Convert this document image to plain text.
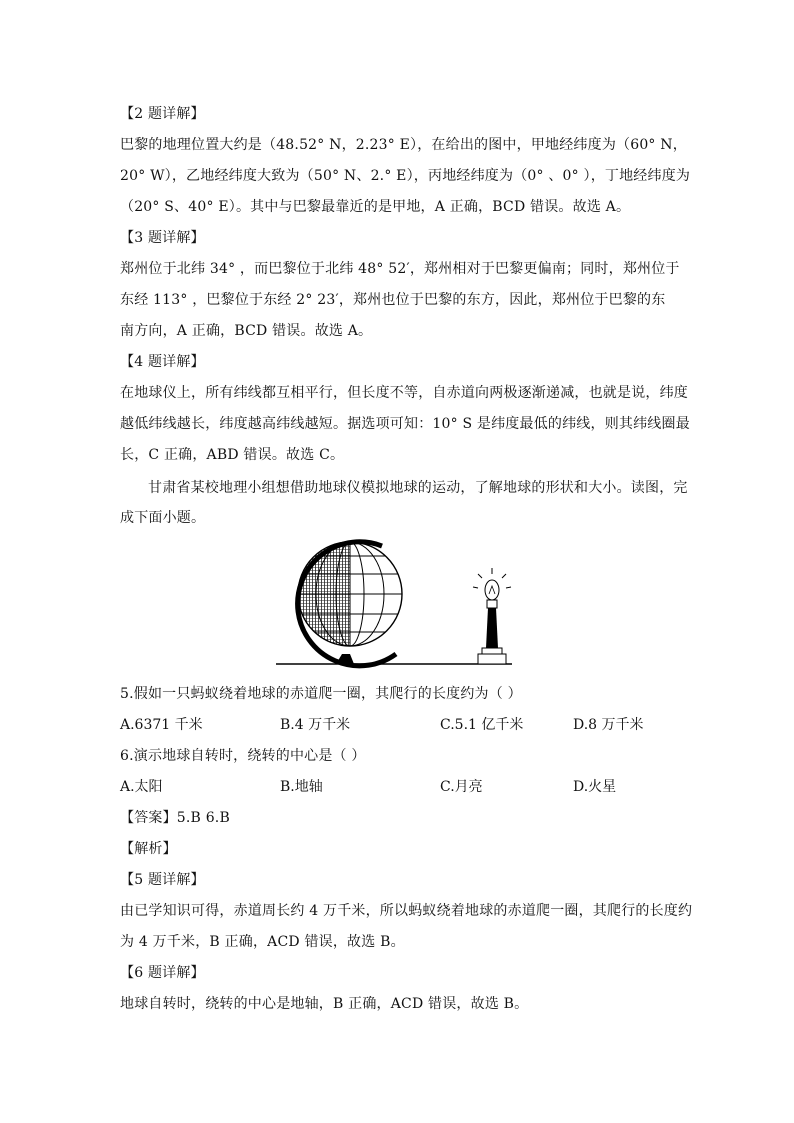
【2 题详解】
巴黎的地理位置大约是（48.52° N，2.23° E），在给出的图中，甲地经纬度为（60° N，
20° W），乙地经纬度大致为（50° N、2.° E），丙地经纬度为（0° 、0° ），丁地经纬度为
（20° S、40° E）。其中与巴黎最靠近的是甲地，A 正确，BCD 错误。故选 A。
【3 题详解】
郑州位于北纬 34° ，而巴黎位于北纬 48° 52′，郑州相对于巴黎更偏南；同时，郑州位于
东经 113° ，巴黎位于东经 2° 23′，郑州也位于巴黎的东方，因此，郑州位于巴黎的东
南方向，A 正确，BCD 错误。故选 A。
【4 题详解】
在地球仪上，所有纬线都互相平行，但长度不等，自赤道向两极逐渐递减，也就是说，纬度
越低纬线越长，纬度越高纬线越短。据选项可知：10° S 是纬度最低的纬线，则其纬线圈最
长，C 正确，ABD 错误。故选 C。
甘肃省某校地理小组想借助地球仪模拟地球的运动，了解地球的形状和大小。读图，完
成下面小题。
5.假如一只蚂蚁绕着地球的赤道爬一圈，其爬行的长度约为（ ）
A.6371 千米	B.4 万千米	C.5.1 亿千米	D.8 万千米
6.演示地球自转时，绕转的中心是（ ）
A.太阳	B.地轴	C.月亮	D.火星
【答案】5.B 6.B
【解析】
【5 题详解】
由已学知识可得，赤道周长约 4 万千米，所以蚂蚁绕着地球的赤道爬一圈，其爬行的长度约
为 4 万千米，B 正确，ACD 错误，故选 B。
【6 题详解】
地球自转时，绕转的中心是地轴，B 正确，ACD 错误，故选 B。
